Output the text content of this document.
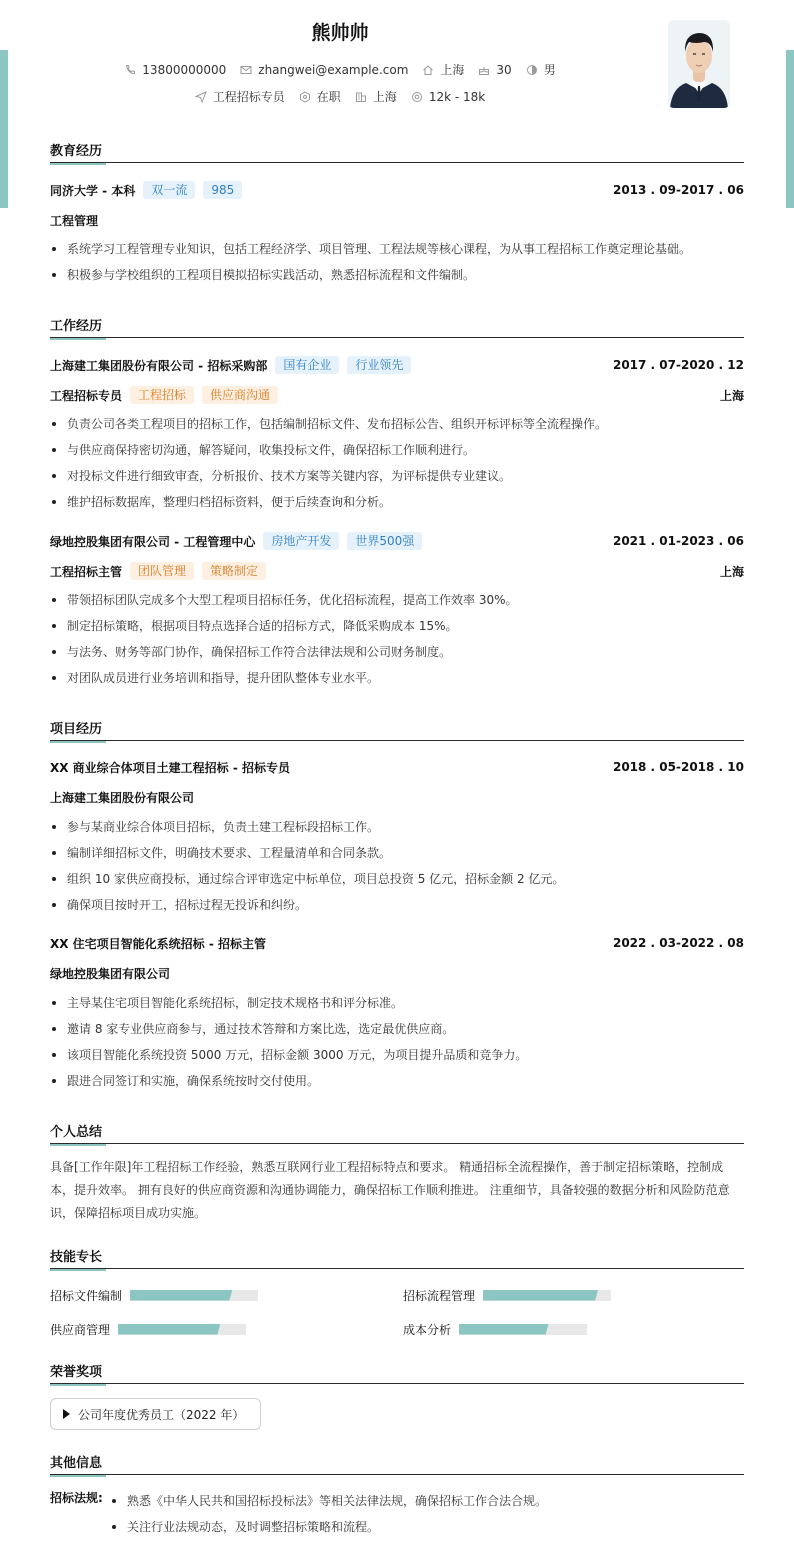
熊帅帅
13800000000	zhangwei@example.com	上海	30	男
工程招标专员	在职	上海	12k - 18k
教育经历
同济大学 - 本科	双一流	985	2013 . 09-2017 . 06
工程管理
系统学习工程管理专业知识，包括工程经济学、项目管理、工程法规等核心课程，为从事工程招标工作奠定理论基础。
积极参与学校组织的工程项目模拟招标实践活动，熟悉招标流程和文件编制。
工作经历
上海建工集团股份有限公司 - 招标采购部	国有企业	行业领先	2017 . 07-2020 . 12
工程招标专员	工程招标	供应商沟通	上海
负责公司各类工程项目的招标工作，包括编制招标文件、发布招标公告、组织开标评标等全流程操作。
与供应商保持密切沟通，解答疑问，收集投标文件，确保招标工作顺利进行。
对投标文件进行细致审查，分析报价、技术方案等关键内容，为评标提供专业建议。
维护招标数据库，整理归档招标资料，便于后续查询和分析。
绿地控股集团有限公司 - 工程管理中心	房地产开发	世界500强	2021 . 01-2023 . 06
工程招标主管	团队管理	策略制定	上海
带领招标团队完成多个大型工程项目招标任务，优化招标流程，提高工作效率 30%。
制定招标策略，根据项目特点选择合适的招标方式，降低采购成本 15%。
与法务、财务等部门协作，确保招标工作符合法律法规和公司财务制度。
对团队成员进行业务培训和指导，提升团队整体专业水平。
项目经历
XX 商业综合体项目土建工程招标 - 招标专员	2018 . 05-2018 . 10
上海建工集团股份有限公司
参与某商业综合体项目招标，负责土建工程标段招标工作。
编制详细招标文件，明确技术要求、工程量清单和合同条款。
组织 10 家供应商投标，通过综合评审选定中标单位，项目总投资 5 亿元，招标金额 2 亿元。
确保项目按时开工，招标过程无投诉和纠纷。
XX 住宅项目智能化系统招标 - 招标主管	2022 . 03-2022 . 08
绿地控股集团有限公司
主导某住宅项目智能化系统招标，制定技术规格书和评分标准。
邀请 8 家专业供应商参与，通过技术答辩和方案比选，选定最优供应商。
该项目智能化系统投资 5000 万元，招标金额 3000 万元，为项目提升品质和竞争力。
跟进合同签订和实施，确保系统按时交付使用。
个人总结
具备[工作年限]年工程招标工作经验，熟悉互联网行业工程招标特点和要求。 精通招标全流程操作，善于制定招标策略，控制成
本，提升效率。 拥有良好的供应商资源和沟通协调能力，确保招标工作顺利推进。 注重细节，具备较强的数据分析和风险防范意
识，保障招标项目成功实施。
技能专长
招标文件编制	招标流程管理
供应商管理	成本分析
荣誉奖项
公司年度优秀员工（2022 年）
其他信息
招标法规:	熟悉《中华人民共和国招标投标法》等相关法律法规，确保招标工作合法合规。
关注行业法规动态，及时调整招标策略和流程。
